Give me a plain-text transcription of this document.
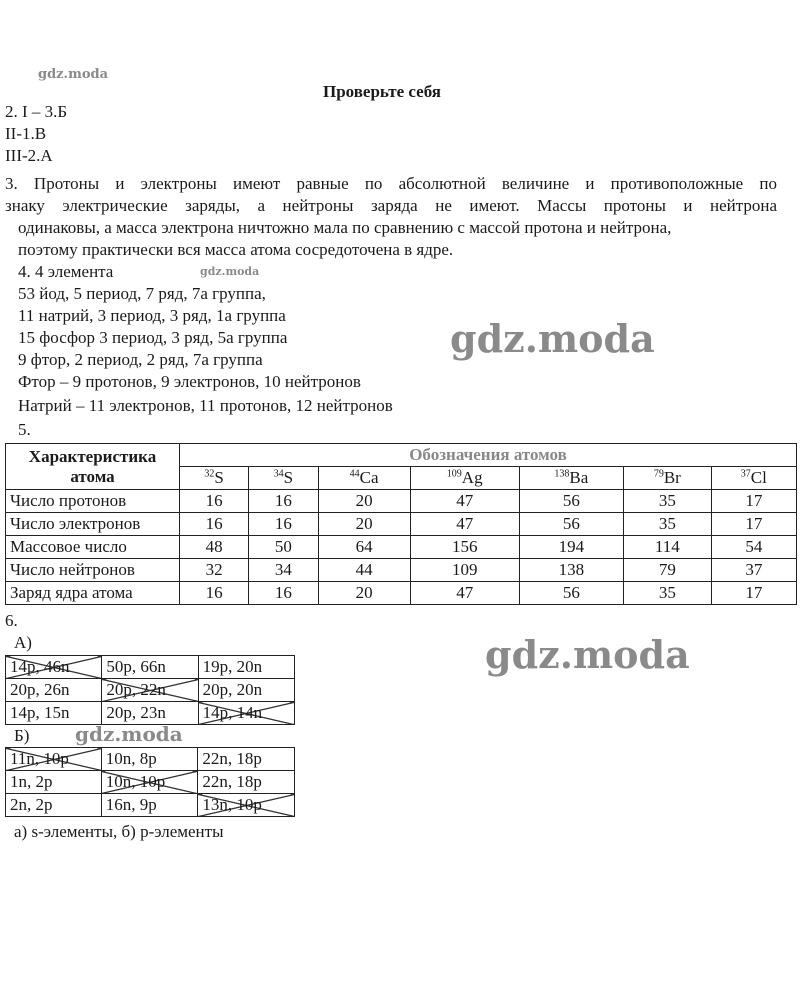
gdz.moda
gdz.moda
gdz.moda
gdz.moda
gdz.moda
Проверьте себя
2. I – 3.Б
II-1.В
III-2.А
3. Протоны и электроны имеют равные по абсолютной величине и противоположные по
знаку электрические заряды, а нейтроны заряда не имеют. Массы протоны и нейтрона
одинаковы, а масса электрона ничтожно мала по сравнению с массой протона и нейтрона,
поэтому практически вся масса атома сосредоточена в ядре.
4. 4 элемента
53 йод, 5 период, 7 ряд, 7а группа,
11 натрий, 3 период, 3 ряд, 1а группа
15 фосфор 3 период, 3 ряд, 5а группа
9 фтор, 2 период, 2 ряд, 7а группа
Фтор – 9 протонов, 9 электронов, 10 нейтронов
Натрий – 11 электронов, 11 протонов, 12 нейтронов
5.
Характеристика атома	Обозначения атомов						
	$^{32}$S	$^{34}$S	$^{44}$Ca	$^{109}$Ag	$^{138}$Ba	$^{79}$Br	$^{37}$Cl
Число протонов	16	16	20	47	56	35	17
Число электронов	16	16	20	47	56	35	17
Массовое число	48	50	64	156	194	114	54
Число нейтронов	32	34	44	109	138	79	37
Заряд ядра атома	16	16	20	47	56	35	17
6.
А)
14p, 46n	50p, 66n	19p, 20n
20p, 26n	20p, 22n	20p, 20n
14p, 15n	20p, 23n	14p, 14n
Б)
11n, 10p	10n, 8p	22n, 18p
1n, 2p	10n, 10p	22n, 18p
2n, 2p	16n, 9p	13n, 10p
а) s-элементы, б) p-элементы
